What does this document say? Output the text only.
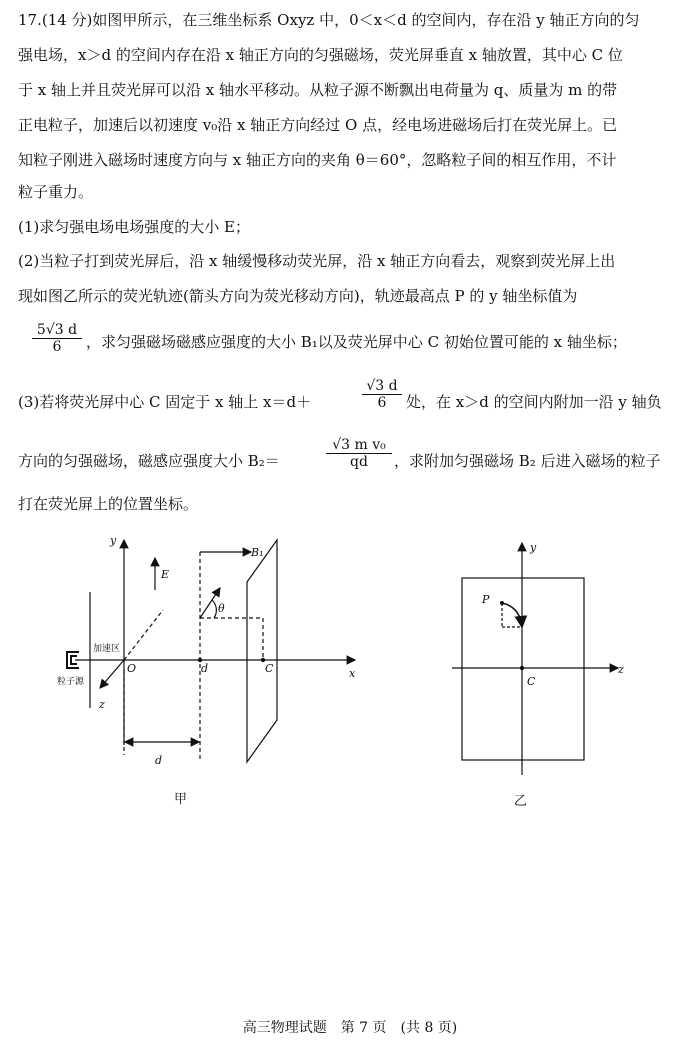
17.(14 分)如图甲所示，在三维坐标系 Oxyz 中，0＜x＜d 的空间内，存在沿 y 轴正方向的匀
强电场，x＞d 的空间内存在沿 x 轴正方向的匀强磁场，荧光屏垂直 x 轴放置，其中心 C 位
于 x 轴上并且荧光屏可以沿 x 轴水平移动。从粒子源不断飘出电荷量为 q、质量为 m 的带
正电粒子，加速后以初速度 v₀沿 x 轴正方向经过 O 点，经电场进磁场后打在荧光屏上。已
知粒子刚进入磁场时速度方向与 x 轴正方向的夹角 θ＝60°，忽略粒子间的相互作用，不计
粒子重力。
(1)求匀强电场电场强度的大小 E；
(2)当粒子打到荧光屏后，沿 x 轴缓慢移动荧光屏，沿 x 轴正方向看去，观察到荧光屏上出
现如图乙所示的荧光轨迹(箭头方向为荧光移动方向)，轨迹最高点 P 的 y 轴坐标值为
$\frac{5√3 d}{6}$ ，求匀强磁场磁感应强度的大小 B₁以及荧光屏中心 C 初始位置可能的 x 轴坐标；
(3)若将荧光屏中心 C 固定于 x 轴上 x＝d＋	$\frac{√3 d}{6}$ 处，在 x＞d 的空间内附加一沿 y 轴负
方向的匀强磁场，磁感应强度大小 B₂＝	$\frac{\text{√3 m v₀}}{qd}$ ，求附加匀强磁场 B₂ 后进入磁场的粒子
打在荧光屏上的位置坐标。
y
x
z
O	d	C
E
B₁
θ
d
加速区
粒子源
甲
y
z
P
C
乙
高三物理试题　第 7 页　(共 8 页)
